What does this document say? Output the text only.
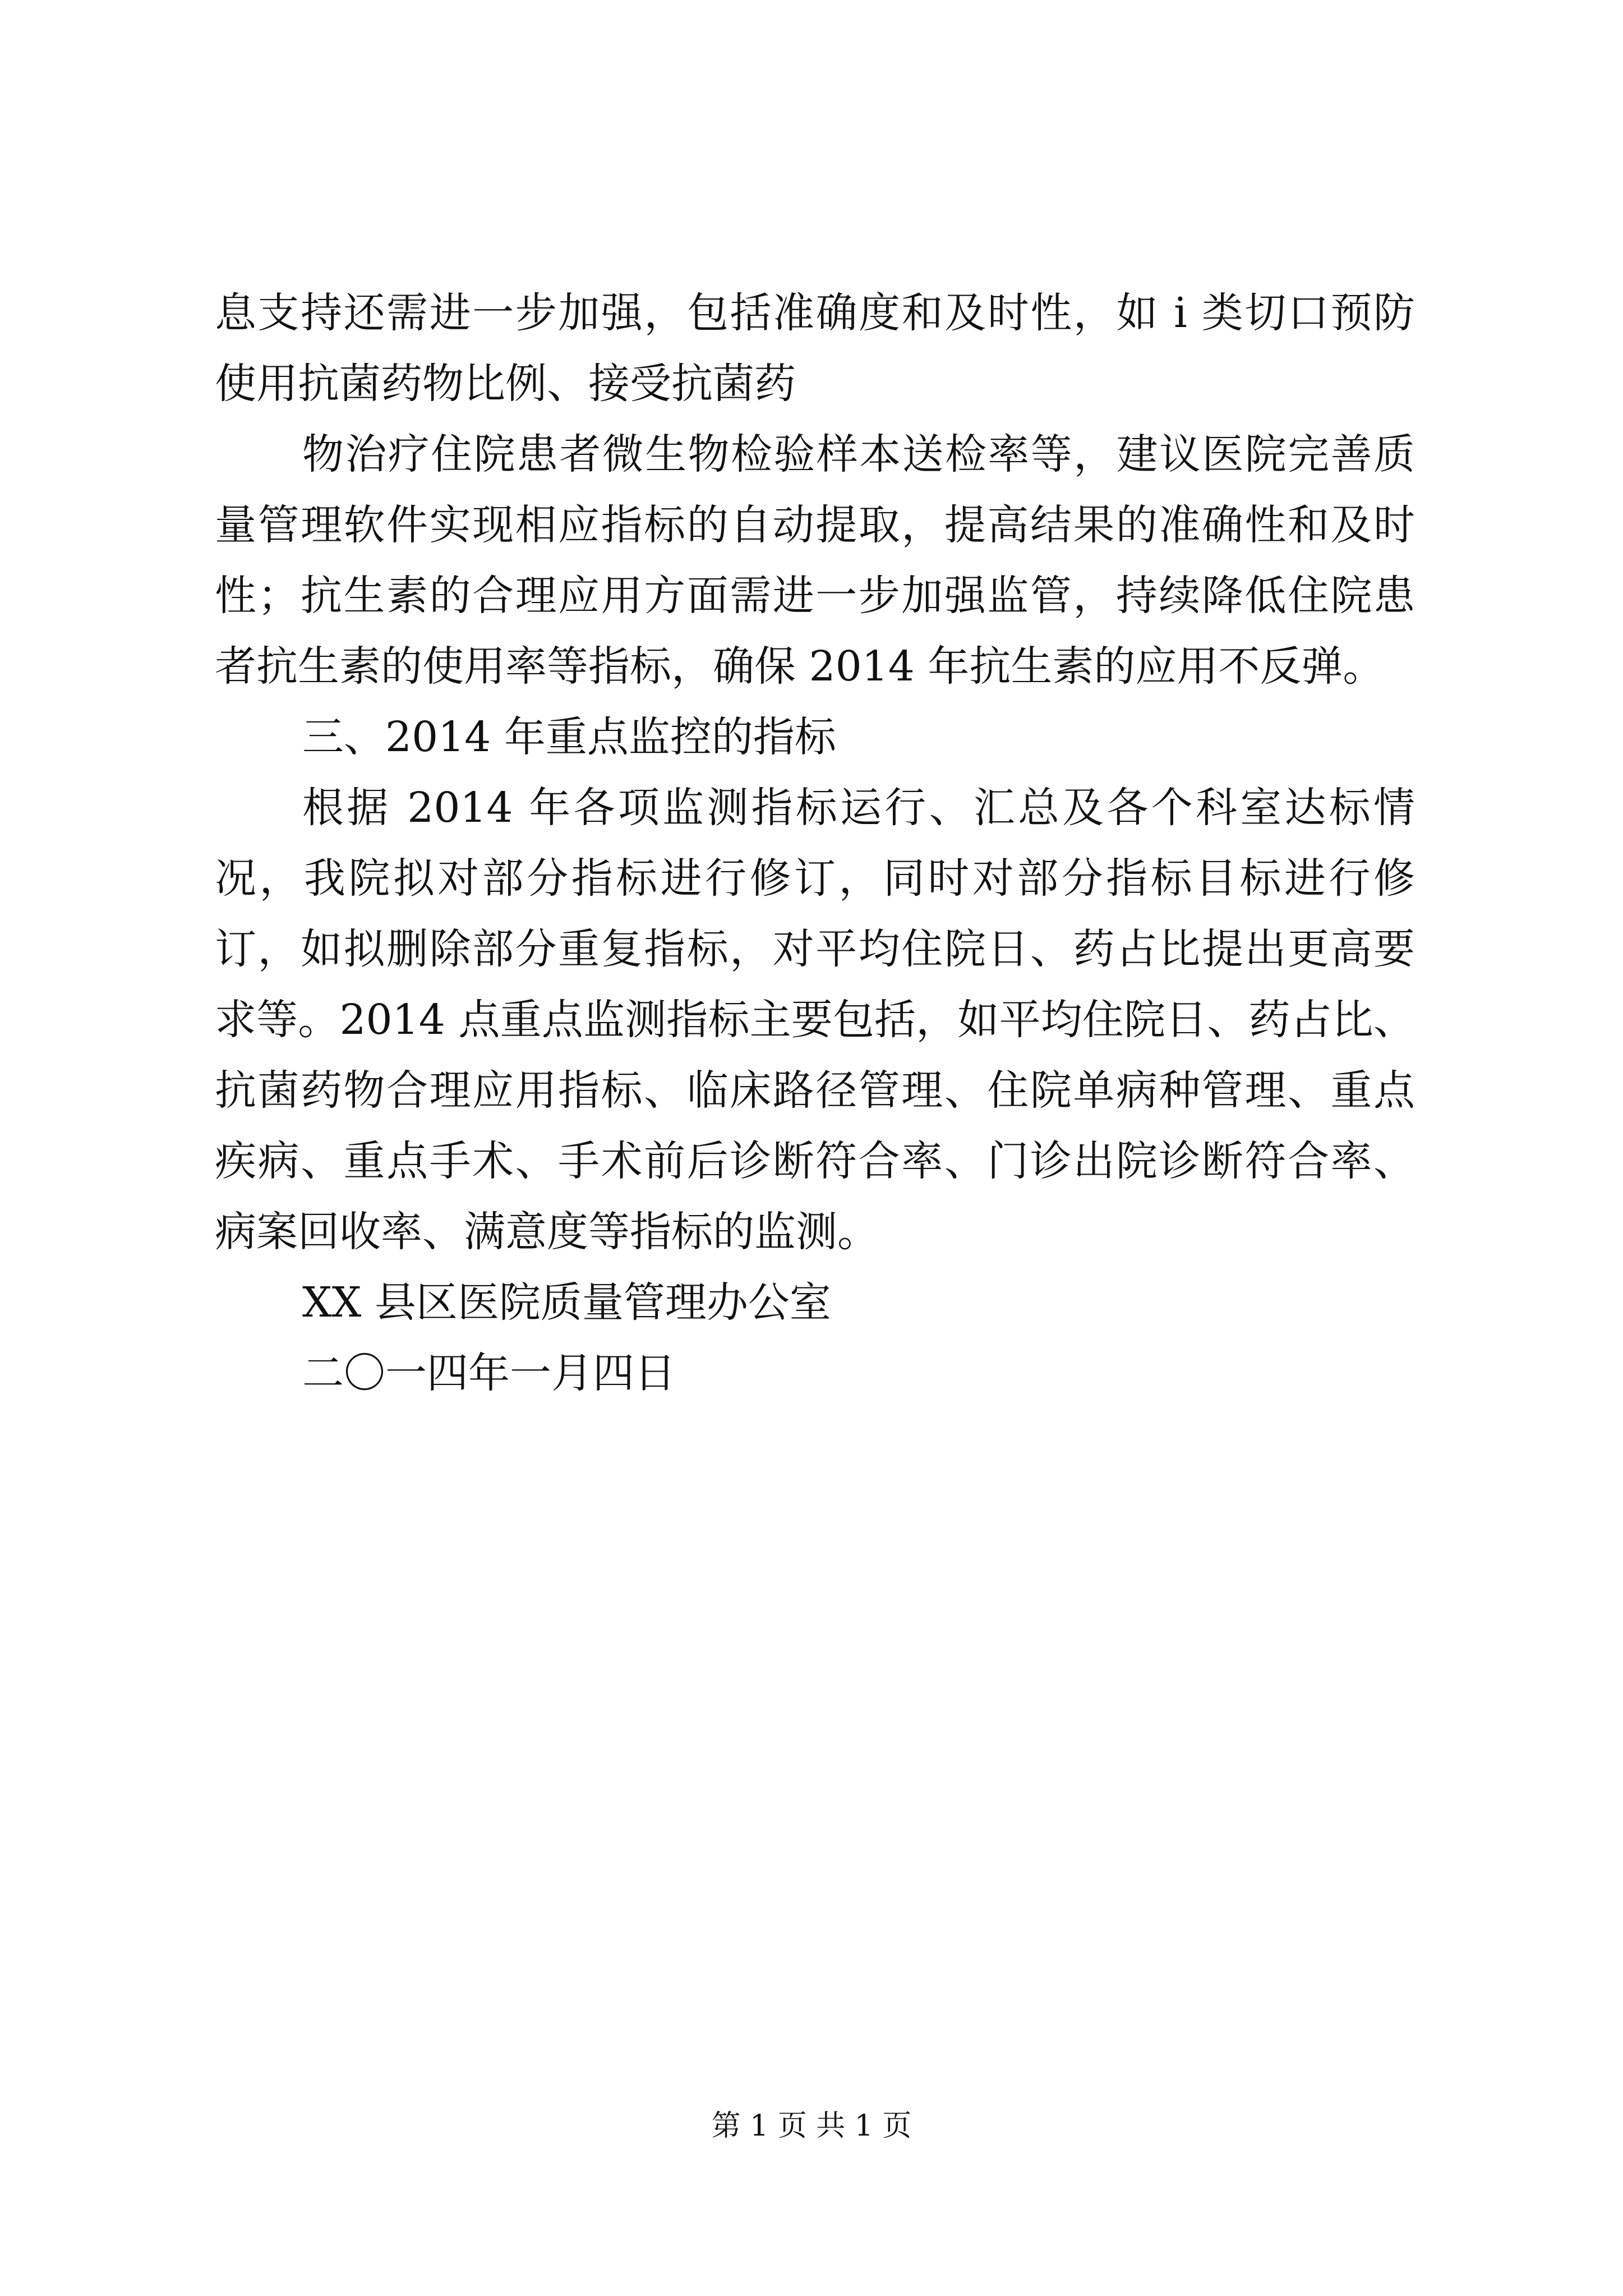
息支持还需进一步加强，包括准确度和及时性，如 i 类切口预防使用抗菌药物比例、接受抗菌药

物治疗住院患者微生物检验样本送检率等，建议医院完善质量管理软件实现相应指标的自动提取，提高结果的准确性和及时性；抗生素的合理应用方面需进一步加强监管，持续降低住院患者抗生素的使用率等指标，确保 2014 年抗生素的应用不反弹。

三、2014 年重点监控的指标

根据 2014 年各项监测指标运行、汇总及各个科室达标情况，我院拟对部分指标进行修订，同时对部分指标目标进行修订，如拟删除部分重复指标，对平均住院日、药占比提出更高要求等。2014 点重点监测指标主要包括，如平均住院日、药占比、抗菌药物合理应用指标、临床路径管理、住院单病种管理、重点疾病、重点手术、手术前后诊断符合率、门诊出院诊断符合率、病案回收率、满意度等指标的监测。

XX 县区医院质量管理办公室

二〇一四年一月四日

第 1 页 共 1 页
